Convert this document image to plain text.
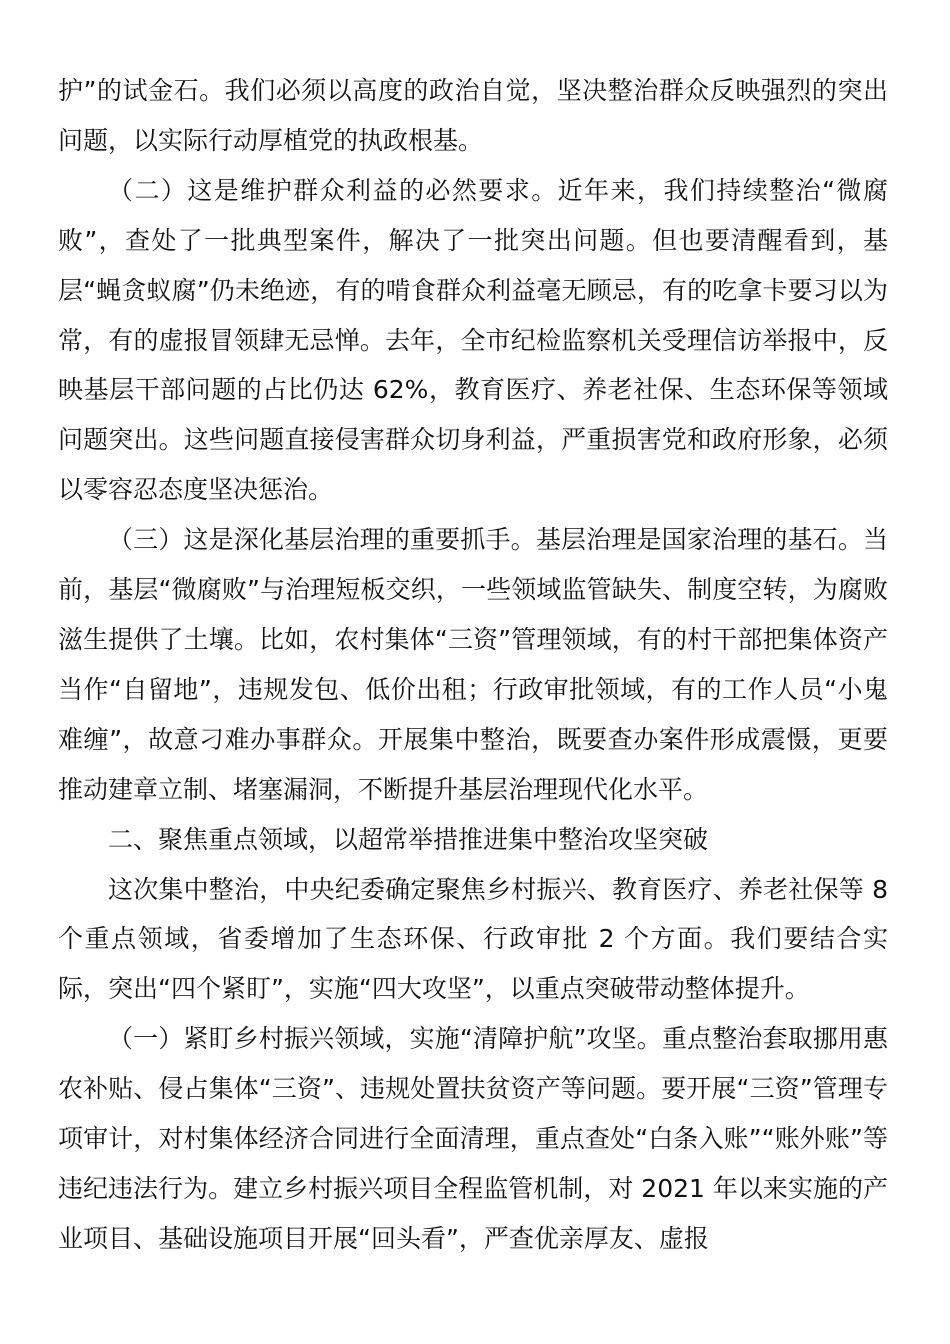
护”的试金石。我们必须以高度的政治自觉，坚决整治群众反映强烈的突出问题，以实际行动厚植党的执政根基。

（二）这是维护群众利益的必然要求。近年来，我们持续整治“微腐败”，查处了一批典型案件，解决了一批突出问题。但也要清醒看到，基层“蝇贪蚁腐”仍未绝迹，有的啃食群众利益毫无顾忌，有的吃拿卡要习以为常，有的虚报冒领肆无忌惮。去年，全市纪检监察机关受理信访举报中，反映基层干部问题的占比仍达 62%，教育医疗、养老社保、生态环保等领域问题突出。这些问题直接侵害群众切身利益，严重损害党和政府形象，必须以零容忍态度坚决惩治。

（三）这是深化基层治理的重要抓手。基层治理是国家治理的基石。当前，基层“微腐败”与治理短板交织，一些领域监管缺失、制度空转，为腐败滋生提供了土壤。比如，农村集体“三资”管理领域，有的村干部把集体资产当作“自留地”，违规发包、低价出租；行政审批领域，有的工作人员“小鬼难缠”，故意刁难办事群众。开展集中整治，既要查办案件形成震慑，更要推动建章立制、堵塞漏洞，不断提升基层治理现代化水平。

二、聚焦重点领域，以超常举措推进集中整治攻坚突破

这次集中整治，中央纪委确定聚焦乡村振兴、教育医疗、养老社保等 8 个重点领域，省委增加了生态环保、行政审批 2 个方面。我们要结合实际，突出“四个紧盯”，实施“四大攻坚”，以重点突破带动整体提升。

（一）紧盯乡村振兴领域，实施“清障护航”攻坚。重点整治套取挪用惠农补贴、侵占集体“三资”、违规处置扶贫资产等问题。要开展“三资”管理专项审计，对村集体经济合同进行全面清理，重点查处“白条入账”“账外账”等违纪违法行为。建立乡村振兴项目全程监管机制，对 2021 年以来实施的产业项目、基础设施项目开展“回头看”，严查优亲厚友、虚报
